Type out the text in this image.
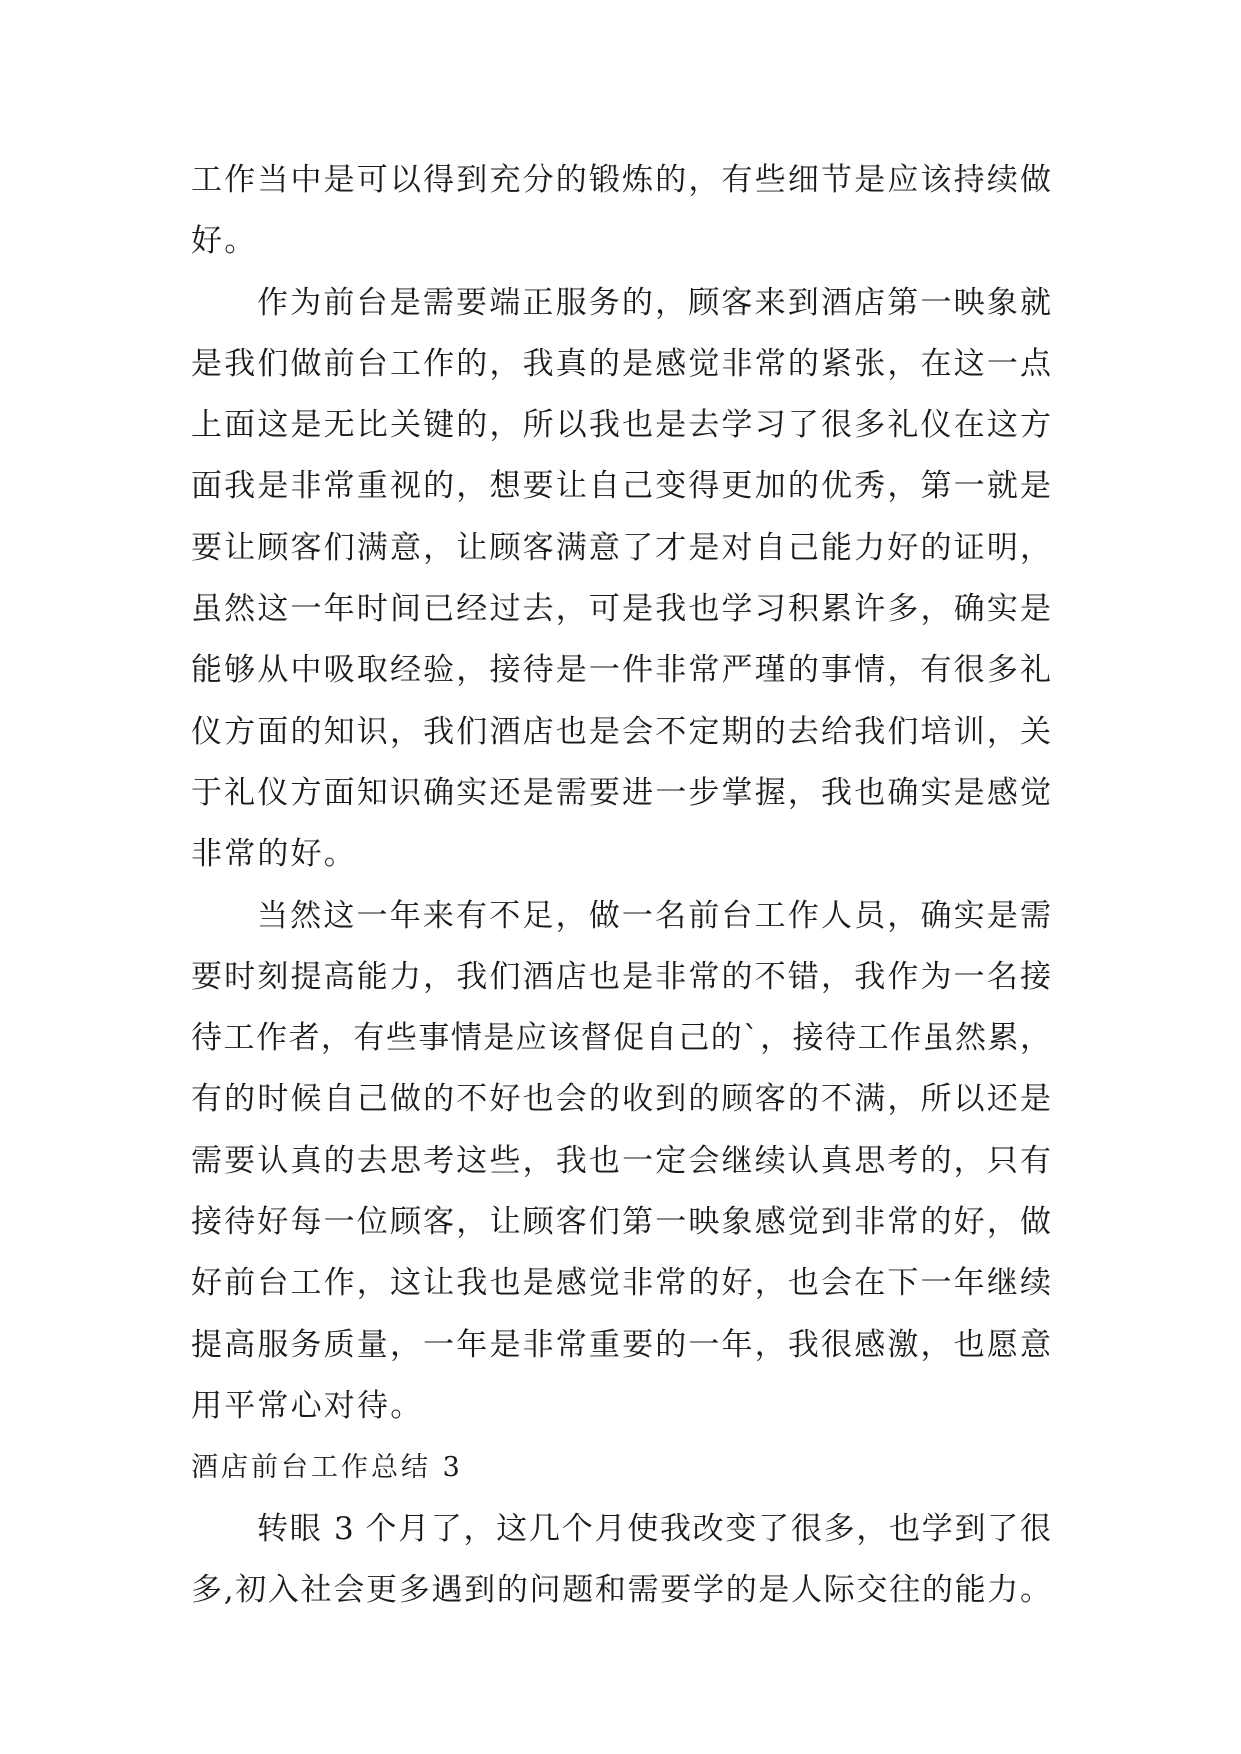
工作当中是可以得到充分的锻炼的，有些细节是应该持续做
好。
作为前台是需要端正服务的，顾客来到酒店第一映象就
是我们做前台工作的，我真的是感觉非常的紧张，在这一点
上面这是无比关键的，所以我也是去学习了很多礼仪在这方
面我是非常重视的，想要让自己变得更加的优秀，第一就是
要让顾客们满意，让顾客满意了才是对自己能力好的证明，
虽然这一年时间已经过去，可是我也学习积累许多，确实是
能够从中吸取经验，接待是一件非常严瑾的事情，有很多礼
仪方面的知识，我们酒店也是会不定期的去给我们培训，关
于礼仪方面知识确实还是需要进一步掌握，我也确实是感觉
非常的好。
当然这一年来有不足，做一名前台工作人员，确实是需
要时刻提高能力，我们酒店也是非常的不错，我作为一名接
待工作者，有些事情是应该督促自己的`，接待工作虽然累，
有的时候自己做的不好也会的收到的顾客的不满，所以还是
需要认真的去思考这些，我也一定会继续认真思考的，只有
接待好每一位顾客，让顾客们第一映象感觉到非常的好，做
好前台工作，这让我也是感觉非常的好，也会在下一年继续
提高服务质量，一年是非常重要的一年，我很感激，也愿意
用平常心对待。
酒店前台工作总结 3
转眼 3 个月了，这几个月使我改变了很多，也学到了很
多,初入社会更多遇到的问题和需要学的是人际交往的能力。
